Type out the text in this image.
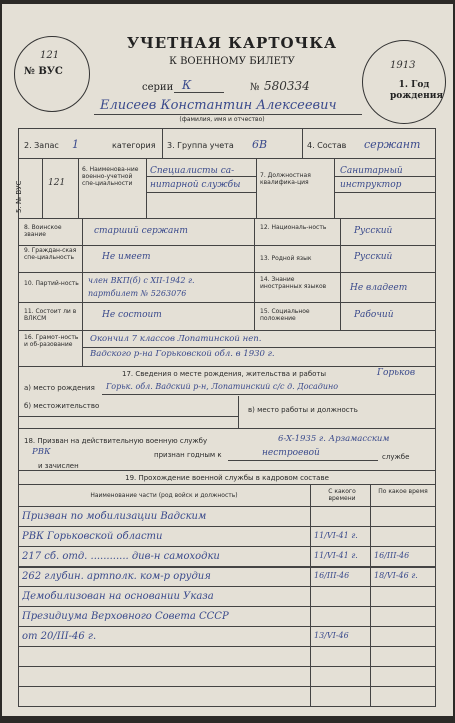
121
№ ВУС
1913
1. Год рождения
УЧЕТНАЯ КАРТОЧКА
К ВОЕННОМУ БИЛЕТУ
серии К	№ 580334
Елисеев Константин Алексеевич
(фамилия, имя и отчество)
2. Запас 1	категория 3. Группа учета 6В	4. Состав сержант
5. № ВУС	121
6. Наименова-ние военно-учетной спе-циальности
Специалисты са-
нитарной службы
7. Должностная квалифика-ция
Санитарный
инструктор
8. Воинское звание	старший сержант
9. Граждан-ская спе-циальность	Не имеет
10. Партий-ность	член ВКП(б) с XII-1942 г.
партбилет № 5263076
11. Состоит ли в ВЛКСМ	Не состоит
12. Националь-ность	Русский
13. Родной язык	Русский
14. Знание иностранных языков	Не владеет
15. Социальное положение	Рабочий
16. Грамот-ность и об-разование
Окончил 7 классов Лопатинской неп.
Вадского р-на Горьковской обл. в 1930 г.
17. Сведения о месте рождения, жительства и работы	Горьков
а) место рождения Горьк. обл. Вадский р-н, Лопатинский с/с д. Досадино
б) местожительство	в) место работы и должность
18. Призван на действительную военную службу	6-X-1935 г. Арзамасским
РВК	признан годным к	нестроевой	службе
и зачислен
19. Прохождение военной службы в кадровом составе
Наименование части (род войск и должность)
С какого времени
По какое время
Призван по мобилизации Вадским
РВК Горьковской области	11/VI-41 г.
217 сб. отд. ............ див-н самоходки	11/VI-41 г. 16/III-46
262 глубин. артполк. ком-р орудия	16/III-46	18/VI-46 г.
Демобилизован на основании Указа
Президиума Верховного Совета СССР
от 20/III-46 г.	13/VI-46
